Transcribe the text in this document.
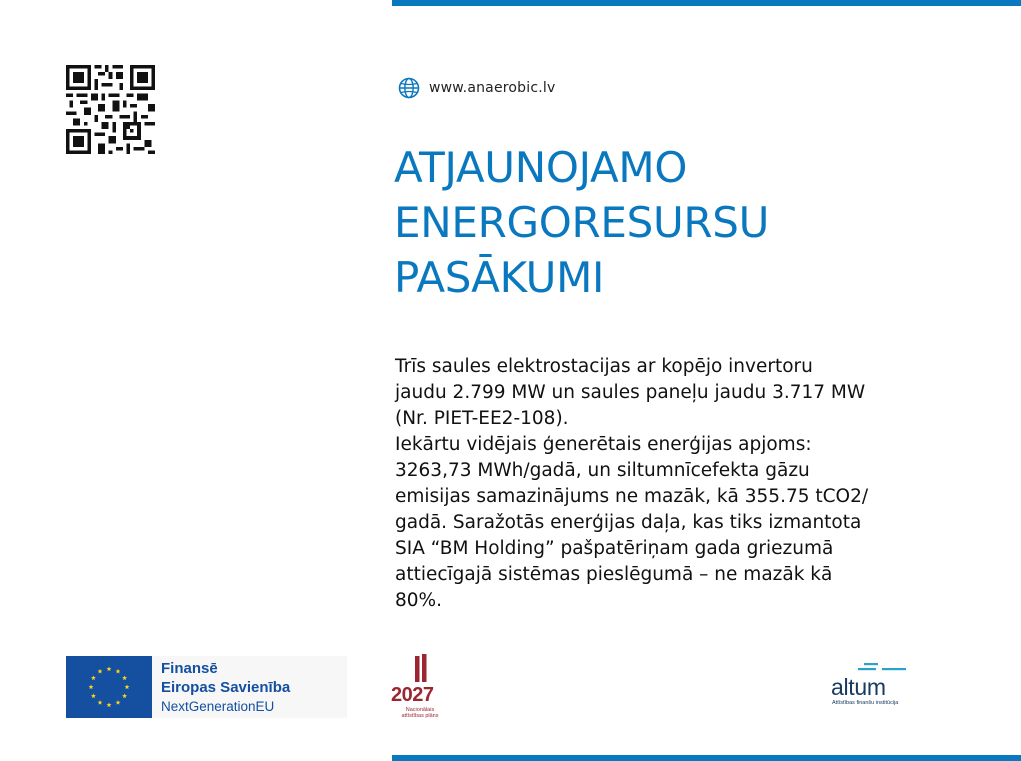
www.anaerobic.lv
ATJAUNOJAMO
ENERGORESURSU
PASĀKUMI

Trīs saules elektrostacijas ar kopējo invertoru

jaudu 2.799 MW un saules paneļu jaudu 3.717 MW

(Nr. PIET-EE2-108).

Iekārtu vidējais ģenerētais enerģijas apjoms:

3263,73 MWh/gadā, un siltumnīcefekta gāzu

emisijas samazinājums ne mazāk, kā 355.75 tCO2/

gadā. Saražotās enerģijas daļa, kas tiks izmantota

SIA “BM Holding” pašpatēriņam gada griezumā

attiecīgajā sistēmas pieslēgumā – ne mazāk kā

80%.

Finansē
Eiropas Savienība
NextGenerationEU	2027
Nacionālais
attīstības plāns
altum
Attīstības finanšu institūcija
